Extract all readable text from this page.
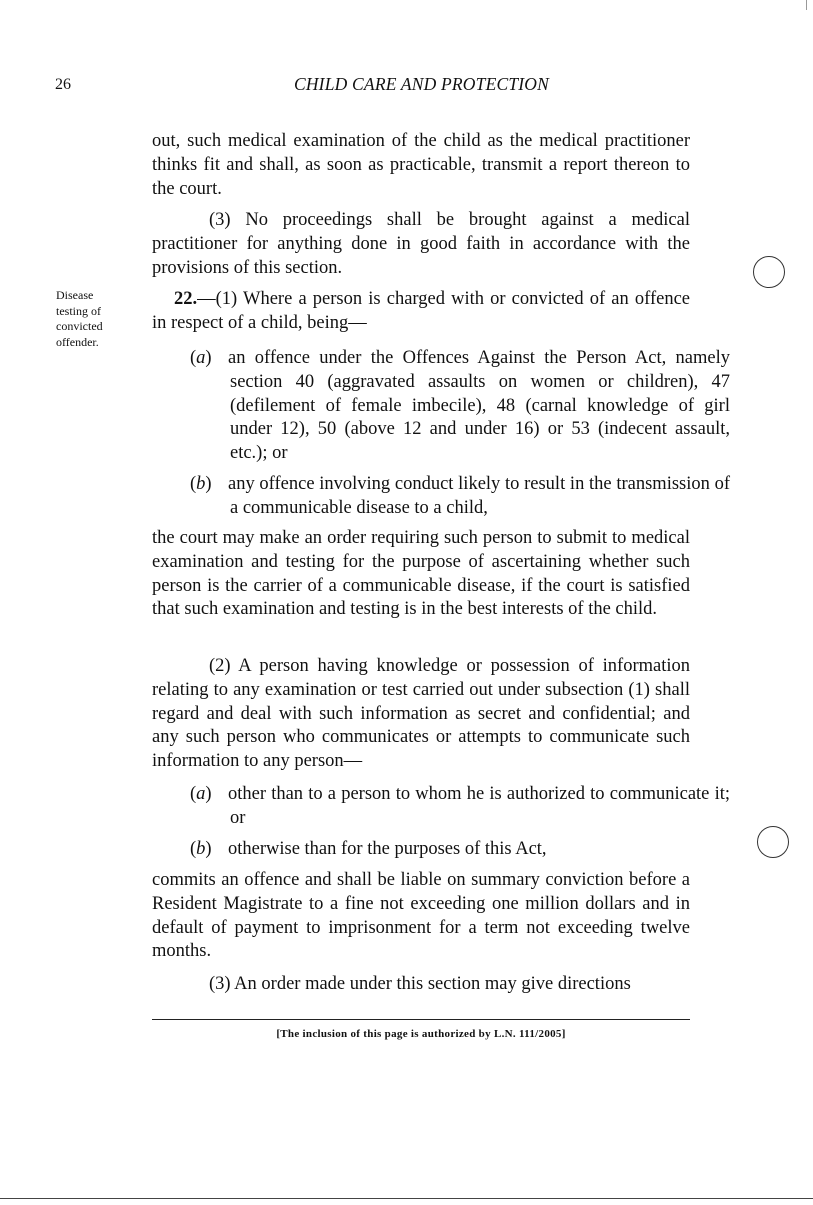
26	CHILD CARE AND PROTECTION
Disease
testing of
convicted
offender.
out, such medical examination of the child as the medical practitioner thinks fit and shall, as soon as practicable, transmit a report thereon to the court.
(3) No proceedings shall be brought against a medical practitioner for anything done in good faith in accordance with the provisions of this section.
22.—(1) Where a person is charged with or convicted of an offence in respect of a child, being—
(a) an offence under the Offences Against the Person Act, namely section 40 (aggravated assaults on women or children), 47 (defilement of female imbecile), 48 (carnal knowledge of girl under 12), 50 (above 12 and under 16) or 53 (indecent assault, etc.); or
(b) any offence involving conduct likely to result in the transmission of a communicable disease to a child,
the court may make an order requiring such person to submit to medical examination and testing for the purpose of ascertaining whether such person is the carrier of a communicable disease, if the court is satisfied that such examination and testing is in the best interests of the child.
(2) A person having knowledge or possession of information relating to any examination or test carried out under subsection (1) shall regard and deal with such information as secret and confidential; and any such person who communicates or attempts to communicate such information to any person—
(a) other than to a person to whom he is authorized to communicate it; or
(b) otherwise than for the purposes of this Act,
commits an offence and shall be liable on summary conviction before a Resident Magistrate to a fine not exceeding one million dollars and in default of payment to imprisonment for a term not exceeding twelve months.
(3) An order made under this section may give directions
[The inclusion of this page is authorized by L.N. 111/2005]
